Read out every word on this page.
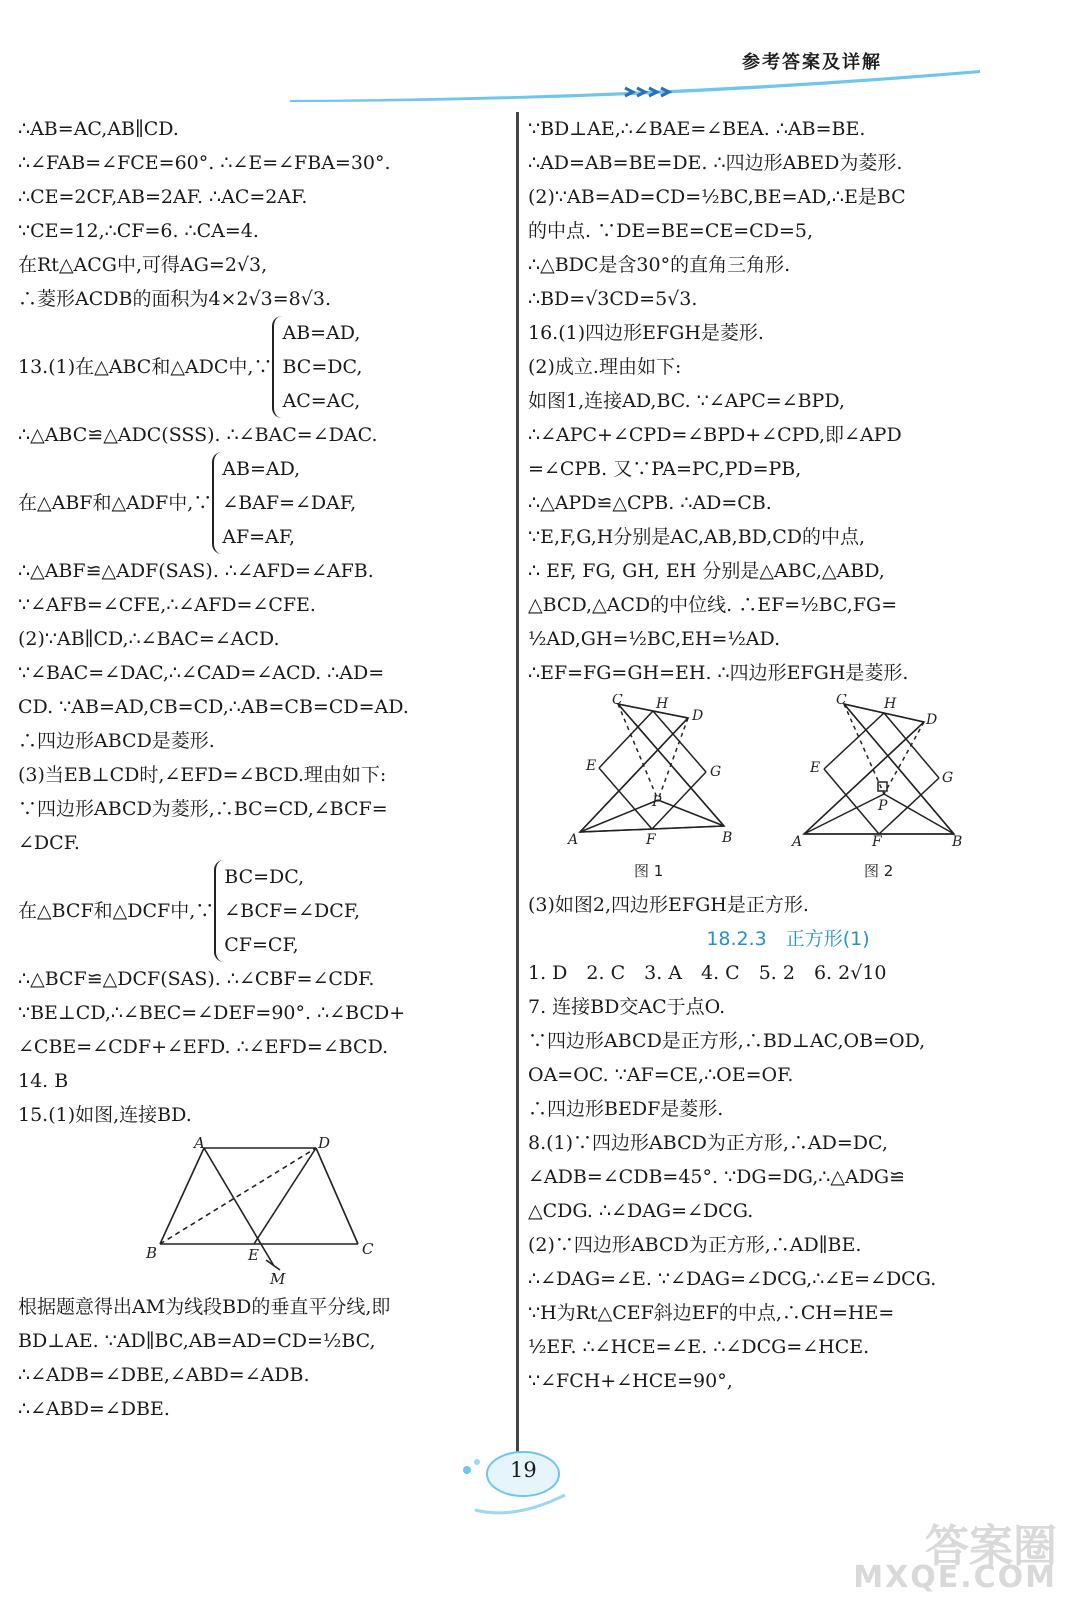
参考答案及详解
∴AB=AC,AB∥CD.
∴∠FAB=∠FCE=60°. ∴∠E=∠FBA=30°.
∴CE=2CF,AB=2AF. ∴AC=2AF.
∵CE=12,∴CF=6. ∴CA=4.
在Rt△ACG中,可得AG=2√3,
∴菱形ACDB的面积为4×2√3=8√3.
13.(1)在△ABC和△ADC中,∵
AB=AD,
BC=DC,
AC=AC,
∴△ABC≌△ADC(SSS). ∴∠BAC=∠DAC.
在△ABF和△ADF中,∵
AB=AD,
∠BAF=∠DAF,
AF=AF,
∴△ABF≌△ADF(SAS). ∴∠AFD=∠AFB.
∵∠AFB=∠CFE,∴∠AFD=∠CFE.
(2)∵AB∥CD,∴∠BAC=∠ACD.
∵∠BAC=∠DAC,∴∠CAD=∠ACD. ∴AD=
CD. ∵AB=AD,CB=CD,∴AB=CB=CD=AD.
∴四边形ABCD是菱形.
(3)当EB⊥CD时,∠EFD=∠BCD.理由如下:
∵四边形ABCD为菱形,∴BC=CD,∠BCF=
∠DCF.
在△BCF和△DCF中,∵
BC=DC,
∠BCF=∠DCF,
CF=CF,
∴△BCF≌△DCF(SAS). ∴∠CBF=∠CDF.
∵BE⊥CD,∴∠BEC=∠DEF=90°. ∴∠BCD+
∠CBE=∠CDF+∠EFD. ∴∠EFD=∠BCD.
14. B
15.(1)如图,连接BD.
A	D
B	E	C
M
根据题意得出AM为线段BD的垂直平分线,即
BD⊥AE. ∵AD∥BC,AB=AD=CD=½BC,
∴∠ADB=∠DBE,∠ABD=∠ADB.
∴∠ABD=∠DBE.
∵BD⊥AE,∴∠BAE=∠BEA. ∴AB=BE.
∴AD=AB=BE=DE. ∴四边形ABED为菱形.
(2)∵AB=AD=CD=½BC,BE=AD,∴E是BC
的中点. ∵DE=BE=CE=CD=5,
∴△BDC是含30°的直角三角形.
∴BD=√3CD=5√3.
16.(1)四边形EFGH是菱形.
(2)成立.理由如下:
如图1,连接AD,BC. ∵∠APC=∠BPD,
∴∠APC+∠CPD=∠BPD+∠CPD,即∠APD
=∠CPB. 又∵PA=PC,PD=PB,
∴△APD≌△CPB. ∴AD=CB.
∵E,F,G,H分别是AC,AB,BD,CD的中点,
∴ EF, FG, GH, EH 分别是△ABC,△ABD,
△BCD,△ACD的中位线. ∴EF=½BC,FG=
½AD,GH=½BC,EH=½AD.
∴EF=FG=GH=EH. ∴四边形EFGH是菱形.
C H
D
E	G
P
A	F	B
C	H
D
E
G
P
A	F	B
图 1	图 2
(3)如图2,四边形EFGH是正方形.
18.2.3　正方形(1)
1. D　2. C　3. A　4. C　5. 2　6. 2√10
7. 连接BD交AC于点O.
∵四边形ABCD是正方形,∴BD⊥AC,OB=OD,
OA=OC. ∵AF=CE,∴OE=OF.
∴四边形BEDF是菱形.
8.(1)∵四边形ABCD为正方形,∴AD=DC,
∠ADB=∠CDB=45°. ∵DG=DG,∴△ADG≌
△CDG. ∴∠DAG=∠DCG.
(2)∵四边形ABCD为正方形,∴AD∥BE.
∴∠DAG=∠E. ∵∠DAG=∠DCG,∴∠E=∠DCG.
∵H为Rt△CEF斜边EF的中点,∴CH=HE=
½EF. ∴∠HCE=∠E. ∴∠DCG=∠HCE.
∵∠FCH+∠HCE=90°,
19
答案圈
MXQE.COM
